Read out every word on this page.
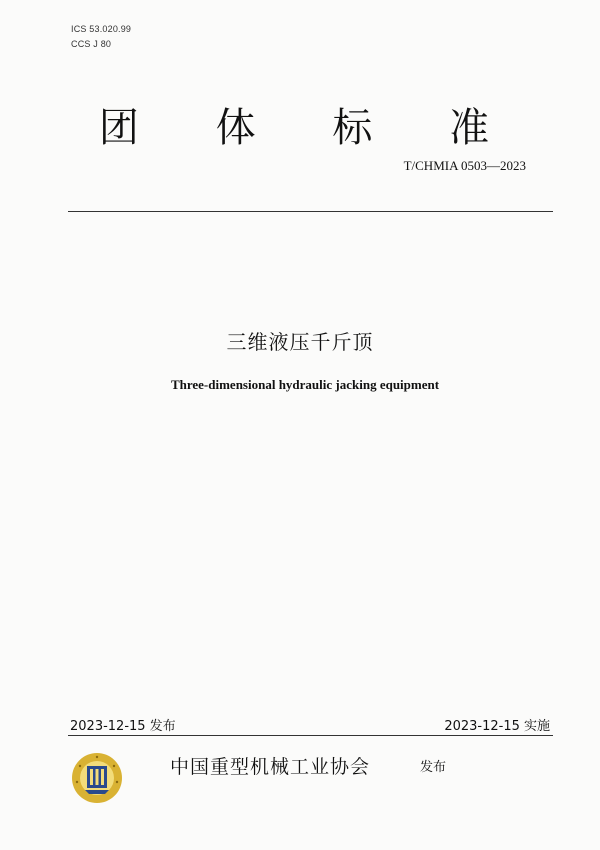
ICS 53.020.99
CCS J 80
团 体 标 准
T/CHMIA 0503—2023
三维液压千斤顶
Three-dimensional hydraulic jacking equipment
2023-12-15 发布	2023-12-15 实施
中国重型机械工业协会	发布
